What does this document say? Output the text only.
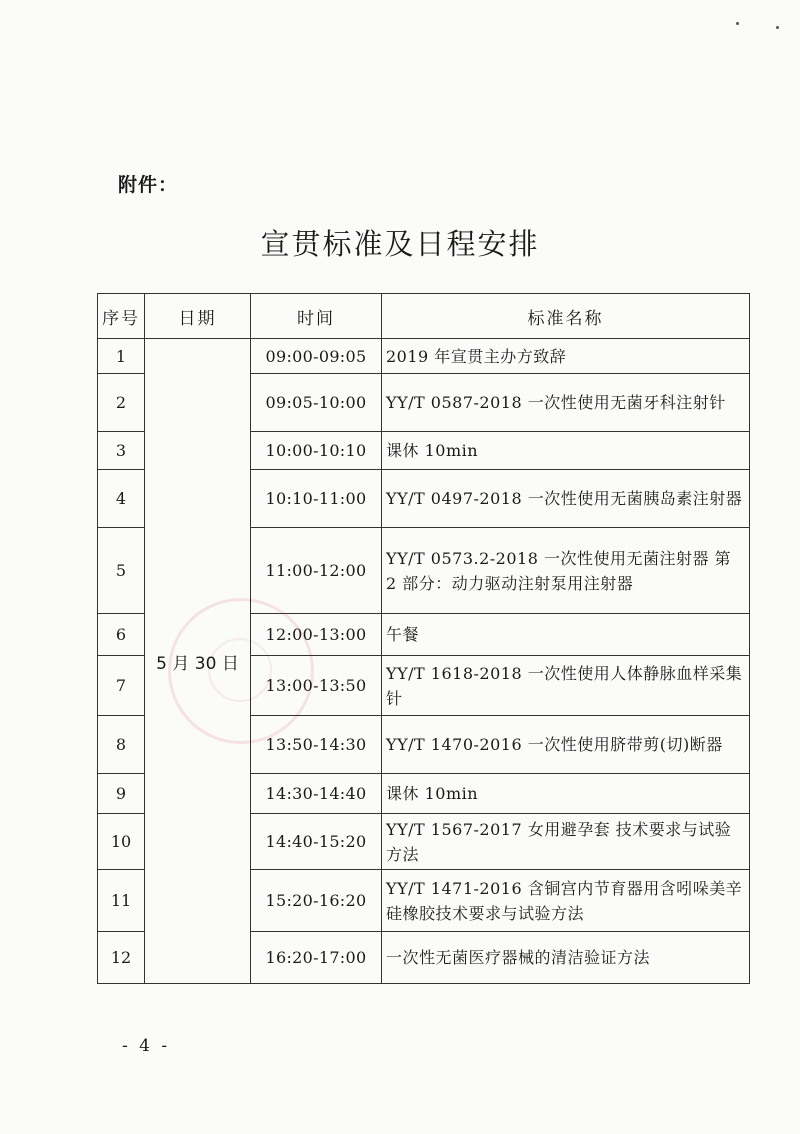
附件：
宣贯标准及日程安排
序号	日期	时间	标准名称
1	5 月 30 日	09:00-09:05	2019 年宣贯主办方致辞
2		09:05-10:00	YY/T 0587-2018 一次性使用无菌牙科注射针
3		10:00-10:10	课休 10min
4		10:10-11:00	YY/T 0497-2018 一次性使用无菌胰岛素注射器
5		11:00-12:00	YY/T 0573.2-2018 一次性使用无菌注射器 第 2 部分：动力驱动注射泵用注射器
6		12:00-13:00	午餐
7		13:00-13:50	YY/T 1618-2018 一次性使用人体静脉血样采集针
8		13:50-14:30	YY/T 1470-2016 一次性使用脐带剪(切)断器
9		14:30-14:40	课休 10min
10		14:40-15:20	YY/T 1567-2017 女用避孕套 技术要求与试验方法
11		15:20-16:20	YY/T 1471-2016 含铜宫内节育器用含吲哚美辛硅橡胶技术要求与试验方法
12		16:20-17:00	一次性无菌医疗器械的清洁验证方法
- 4 -
